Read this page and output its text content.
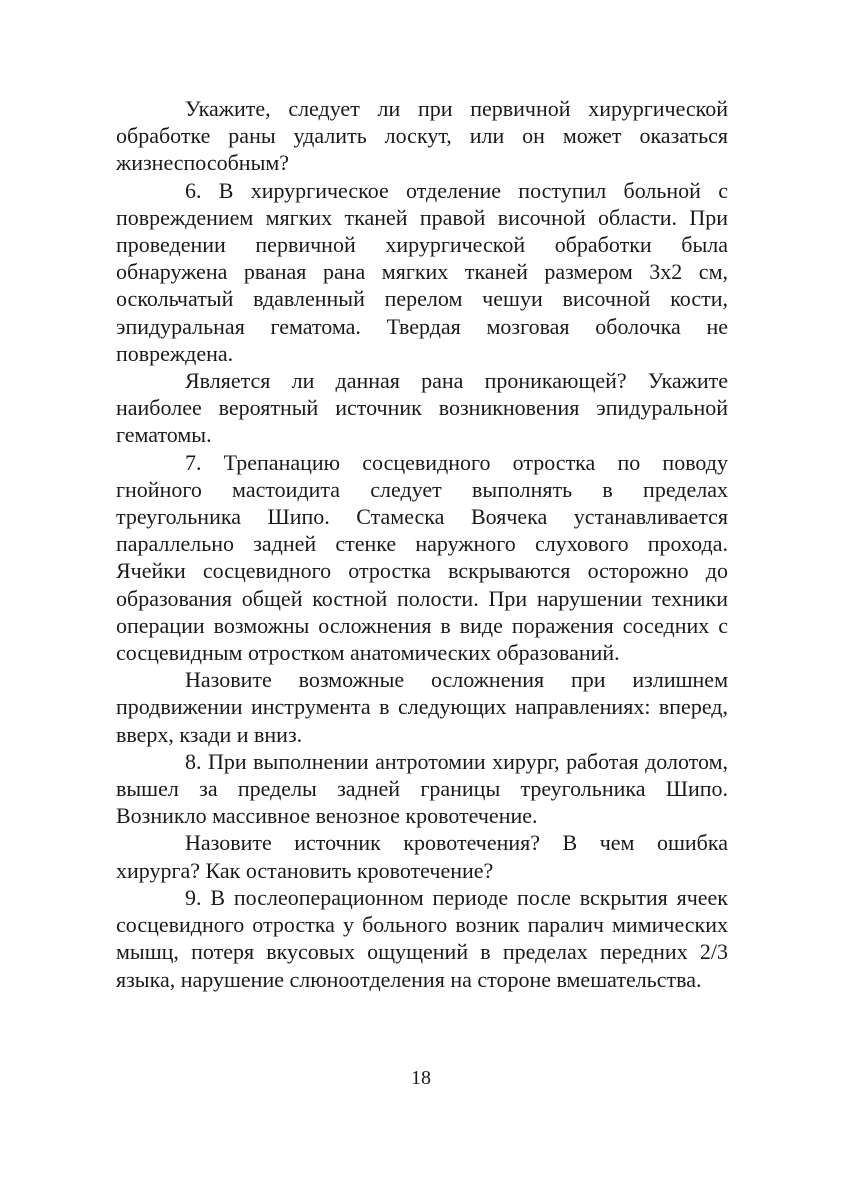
Укажите, следует ли при первичной хирургической обработке раны удалить лоскут, или он может оказаться жизнеспособным?

6. В хирургическое отделение поступил больной с повреждением мягких тканей правой височной области. При проведении первичной хирургической обработки была обнаружена рваная рана мягких тканей размером 3x2 см, оскольчатый вдавленный перелом чешуи височной кости, эпидуральная гематома. Твердая мозговая оболочка не повреждена.

Является ли данная рана проникающей? Укажите наиболее вероятный источник возникновения эпидуральной гематомы.

7. Трепанацию сосцевидного отростка по поводу гнойного мастоидита следует выполнять в пределах треугольника Шипо. Стамеска Воячека устанавливается параллельно задней стенке наружного слухового прохода. Ячейки сосцевидного отростка вскрываются осторожно до образования общей костной полости. При нарушении техники операции возможны осложнения в виде поражения соседних с сосцевидным отростком анатомических образований.

Назовите возможные осложнения при излишнем продвижении инструмента в следующих направлениях: вперед, вверх, кзади и вниз.

8. При выполнении антротомии хирург, работая долотом, вышел за пределы задней границы треугольника Шипо. Возникло массивное венозное кровотечение.

Назовите источник кровотечения? В чем ошибка хирурга? Как остановить кровотечение?

9. В послеоперационном периоде после вскрытия ячеек сосцевидного отростка у больного возник паралич мимических мышц, потеря вкусовых ощущений в пределах передних 2/3 языка, нарушение слюноотделения на стороне вмешательства.

18
